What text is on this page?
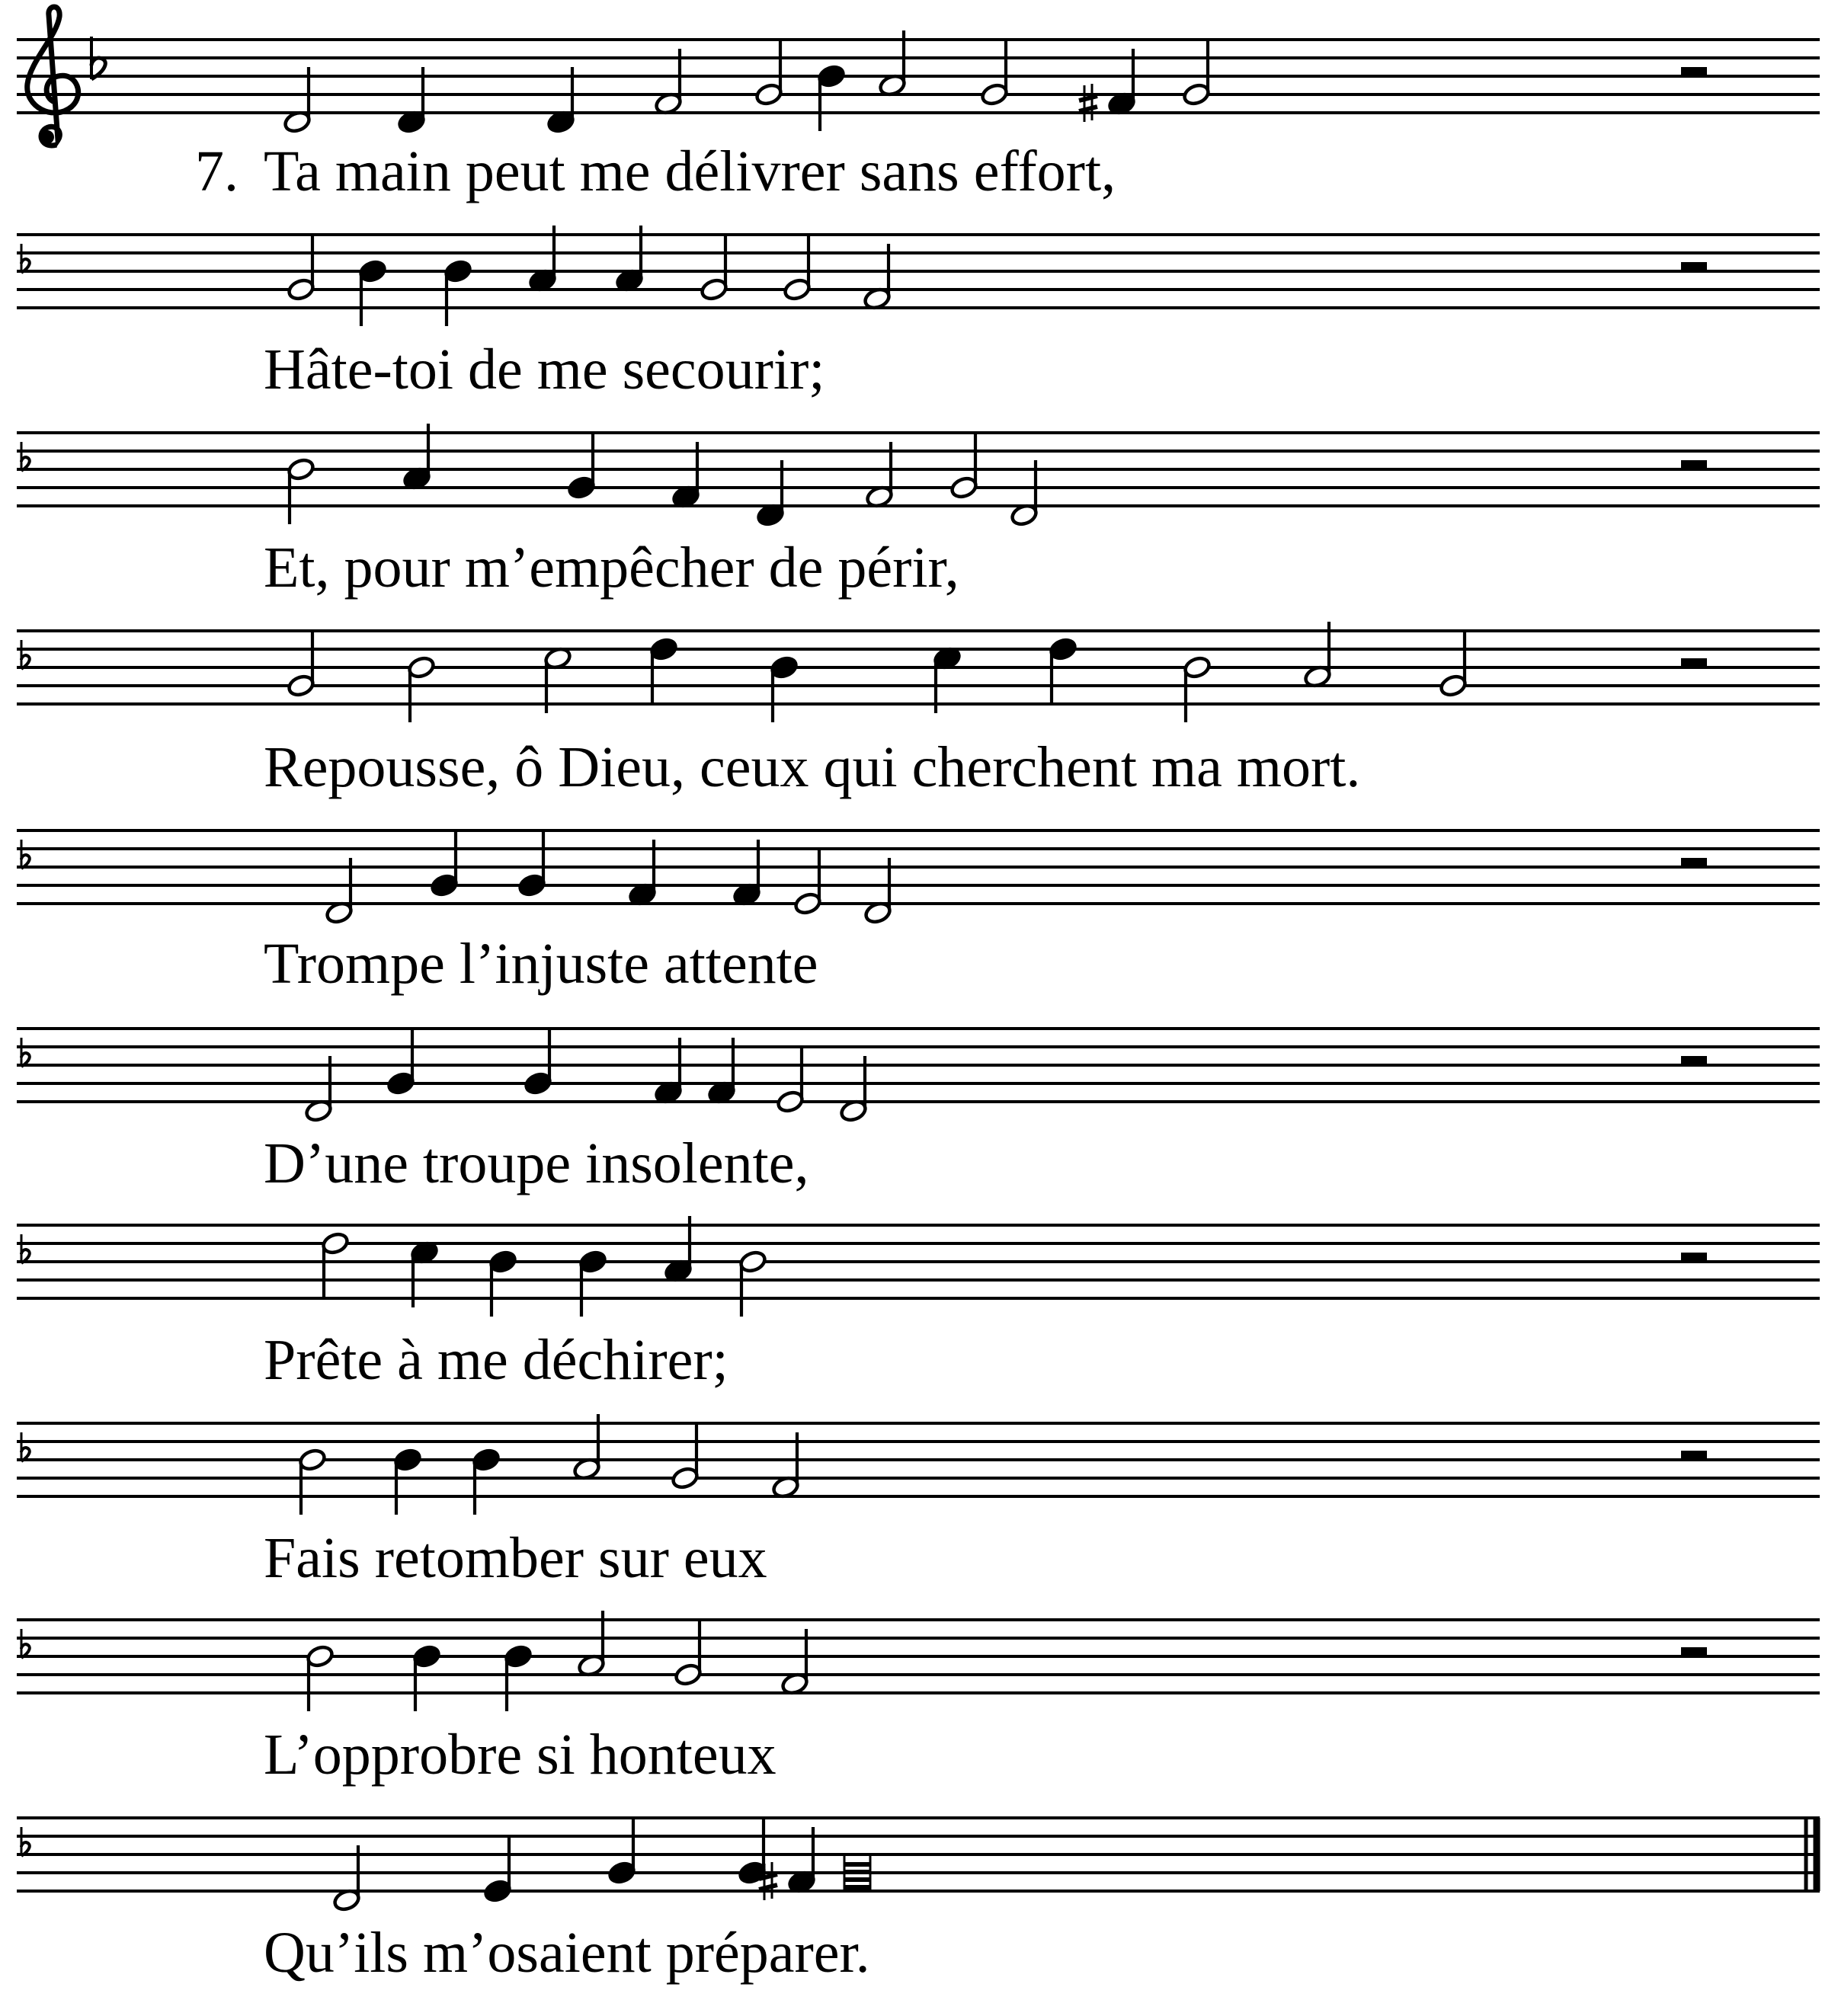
7. Ta main peut me délivrer sans effort,
Hâte-toi de me secourir;
Et, pour m’empêcher de périr,
Repousse, ô Dieu, ceux qui cherchent ma mort.
Trompe l’injuste attente
D’une troupe insolente,
Prête à me déchirer;
Fais retomber sur eux
L’opprobre si honteux
Qu’ils m’osaient préparer.
